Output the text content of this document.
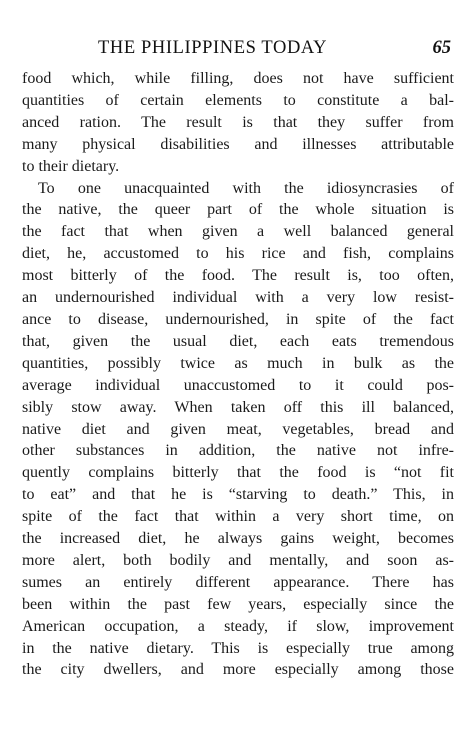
THE PHILIPPINES TODAY	65
food which, while filling, does not have sufficient
quantities of certain elements to constitute a bal-
anced ration. The result is that they suffer from
many physical disabilities and illnesses attributable
to their dietary.
To one unacquainted with the idiosyncrasies of
the native, the queer part of the whole situation is
the fact that when given a well balanced general
diet, he, accustomed to his rice and fish, complains
most bitterly of the food. The result is, too often,
an undernourished individual with a very low resist-
ance to disease, undernourished, in spite of the fact
that, given the usual diet, each eats tremendous
quantities, possibly twice as much in bulk as the
average individual unaccustomed to it could pos-
sibly stow away. When taken off this ill balanced,
native diet and given meat, vegetables, bread and
other substances in addition, the native not infre-
quently complains bitterly that the food is “not fit
to eat” and that he is “starving to death.” This, in
spite of the fact that within a very short time, on
the increased diet, he always gains weight, becomes
more alert, both bodily and mentally, and soon as-
sumes an entirely different appearance. There has
been within the past few years, especially since the
American occupation, a steady, if slow, improvement
in the native dietary. This is especially true among
the city dwellers, and more especially among those
